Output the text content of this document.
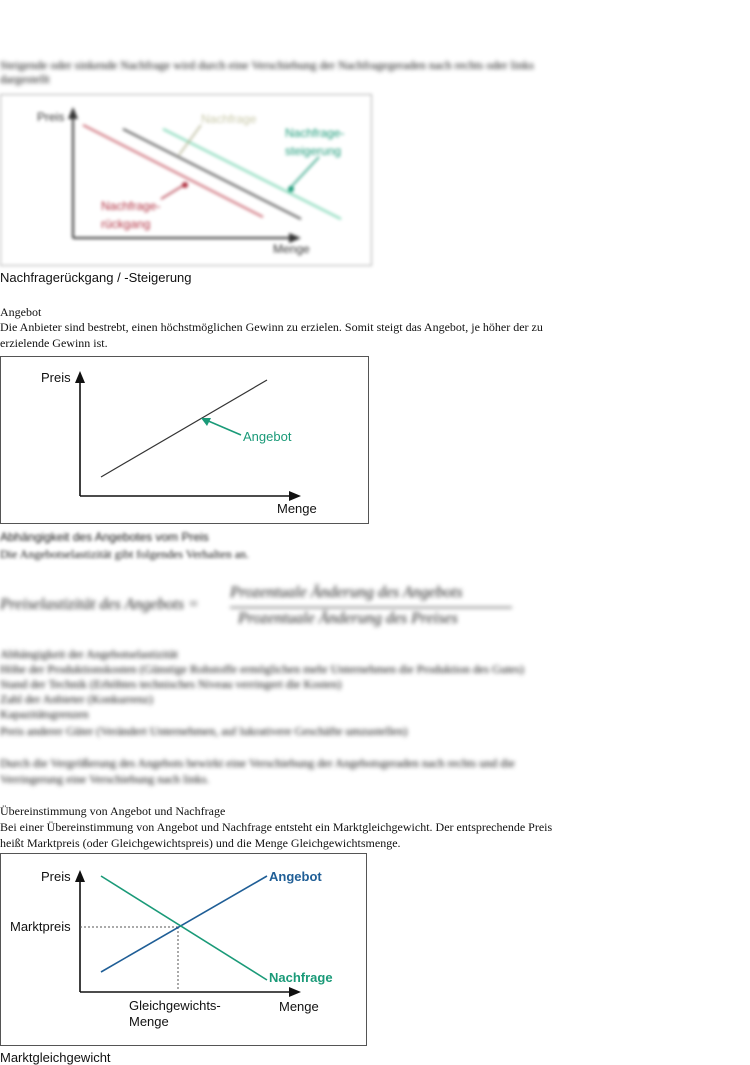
Steigende oder sinkende Nachfrage wird durch eine Verschiebung der Nachfragegeraden nach rechts oder links
dargestellt
Preis
Menge
Nachfrage
Nachfrage-
steigerung
Nachfrage-
rückgang
Nachfragerückgang / -Steigerung
Angebot
Die Anbieter sind bestrebt, einen höchstmöglichen Gewinn zu erzielen. Somit steigt das Angebot, je höher der zu
erzielende Gewinn ist.
Preis
Menge
Angebot
Abhängigkeit des Angebotes vom Preis
Die Angebotselastizität gibt folgendes Verhalten an.
Preiselastizität des Angebots =
Prozentuale Änderung des Angebots
Prozentuale Änderung des Preises
Abhängigkeit der Angebotselastizität
Höhe der Produktionskosten (Günstige Rohstoffe ermöglichen mehr Unternehmen die Produktion des Gutes)
Stand der Technik (Erhöhtes technisches Niveau verringert die Kosten)
Zahl der Anbieter (Konkurrenz)
Kapazitätsgrenzen
Preis anderer Güter (Verändert Unternehmen, auf lukrativere Geschäfte umzustellen)
Durch die Vergrößerung des Angebots bewirkt eine Verschiebung der Angebotsgeraden nach rechts und die
Verringerung eine Verschiebung nach links.
Übereinstimmung von Angebot und Nachfrage
Bei einer Übereinstimmung von Angebot und Nachfrage entsteht ein Marktgleichgewicht. Der entsprechende Preis
heißt Marktpreis (oder Gleichgewichtspreis) und die Menge Gleichgewichtsmenge.
Preis
Marktpreis
Angebot
Nachfrage
Gleichgewichts-
Menge
Menge
Marktgleichgewicht
